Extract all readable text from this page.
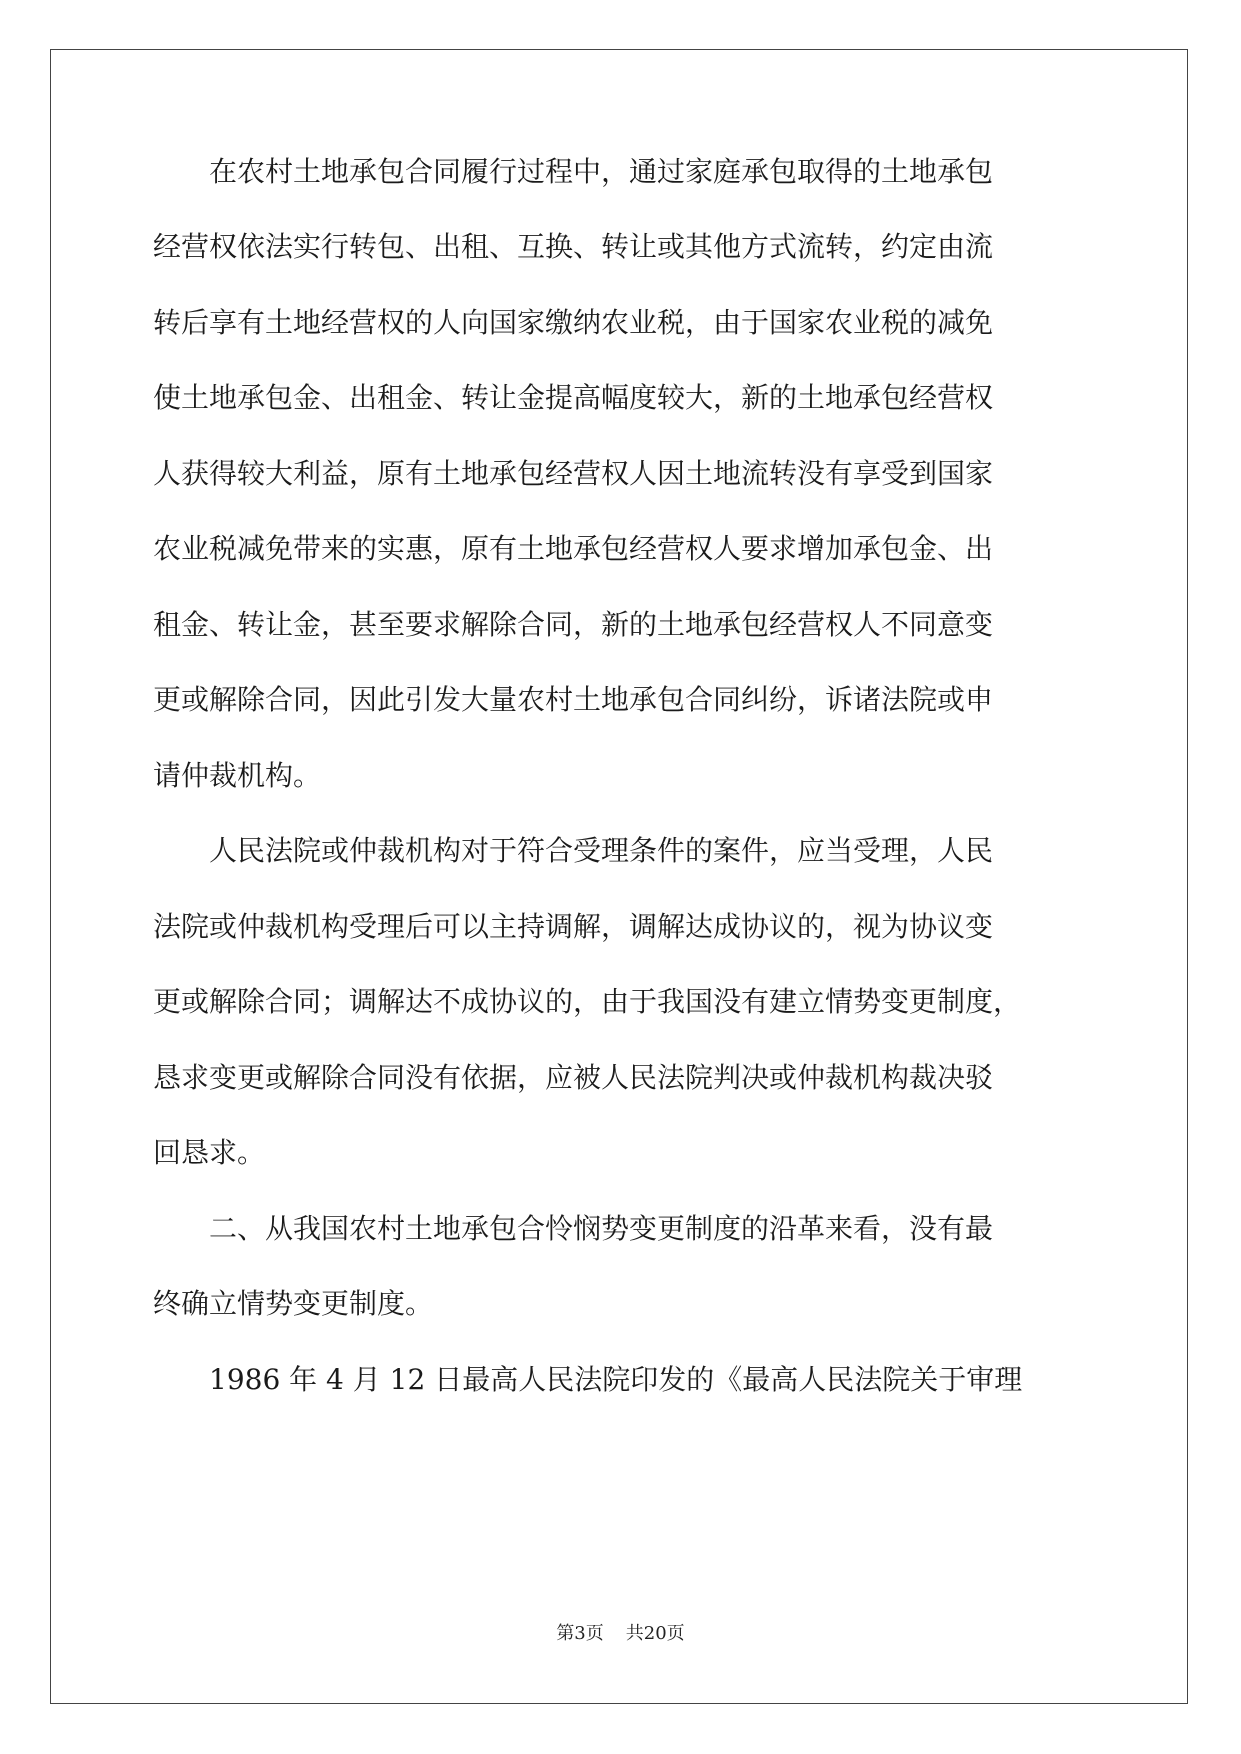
　　在农村土地承包合同履行过程中，通过家庭承包取得的土地承包
经营权依法实行转包、出租、互换、转让或其他方式流转，约定由流
转后享有土地经营权的人向国家缴纳农业税，由于国家农业税的减免
使土地承包金、出租金、转让金提高幅度较大，新的土地承包经营权
人获得较大利益，原有土地承包经营权人因土地流转没有享受到国家
农业税减免带来的实惠，原有土地承包经营权人要求增加承包金、出
租金、转让金，甚至要求解除合同，新的土地承包经营权人不同意变
更或解除合同，因此引发大量农村土地承包合同纠纷，诉诸法院或申
请仲裁机构。
　　人民法院或仲裁机构对于符合受理条件的案件，应当受理，人民
法院或仲裁机构受理后可以主持调解，调解达成协议的，视为协议变
更或解除合同；调解达不成协议的，由于我国没有建立情势变更制度，
恳求变更或解除合同没有依据，应被人民法院判决或仲裁机构裁决驳
回恳求。
　　二、从我国农村土地承包合怜悯势变更制度的沿革来看，没有最
终确立情势变更制度。
　　1986 年 4 月 12 日最高人民法院印发的《最高人民法院关于审理
第3页 共20页
